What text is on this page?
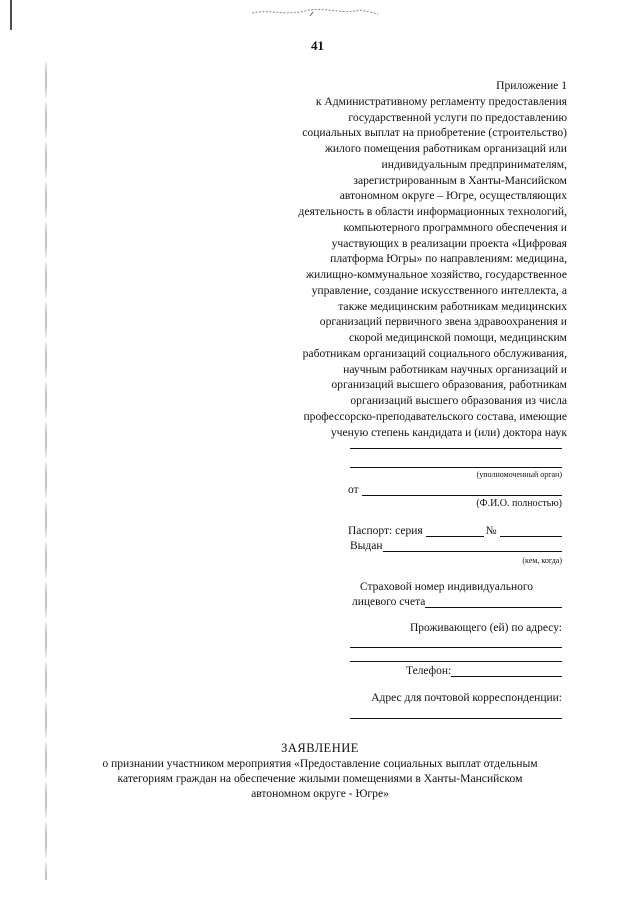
41
Приложение 1
к Административному регламенту предоставления
государственной услуги по предоставлению
социальных выплат на приобретение (строительство)
жилого помещения работникам организаций или
индивидуальным предпринимателям,
зарегистрированным в Ханты-Мансийском
автономном округе – Югре, осуществляющих
деятельность в области информационных технологий,
компьютерного программного обеспечения и
участвующих в реализации проекта «Цифровая
платформа Югры» по направлениям: медицина,
жилищно-коммунальное хозяйство, государственное
управление, создание искусственного интеллекта, а
также медицинским работникам медицинских
организаций первичного звена здравоохранения и
скорой медицинской помощи, медицинским
работникам организаций социального обслуживания,
научным работникам научных организаций и
организаций высшего образования, работникам
организаций высшего образования из числа
профессорско-преподавательского состава, имеющие
ученую степень кандидата и (или) доктора наук
(уполномоченный орган)
от
(Ф.И.О. полностью)
Паспорт: серия	№
Выдан
(кем, когда)
Страховой номер индивидуального
лицевого счета
Проживающего (ей) по адресу:
Телефон:
Адрес для почтовой корреспонденции:
ЗАЯВЛЕНИЕ
о признании участником мероприятия «Предоставление социальных выплат отдельным
категориям граждан на обеспечение жилыми помещениями в Ханты-Мансийском
автономном округе - Югре»
